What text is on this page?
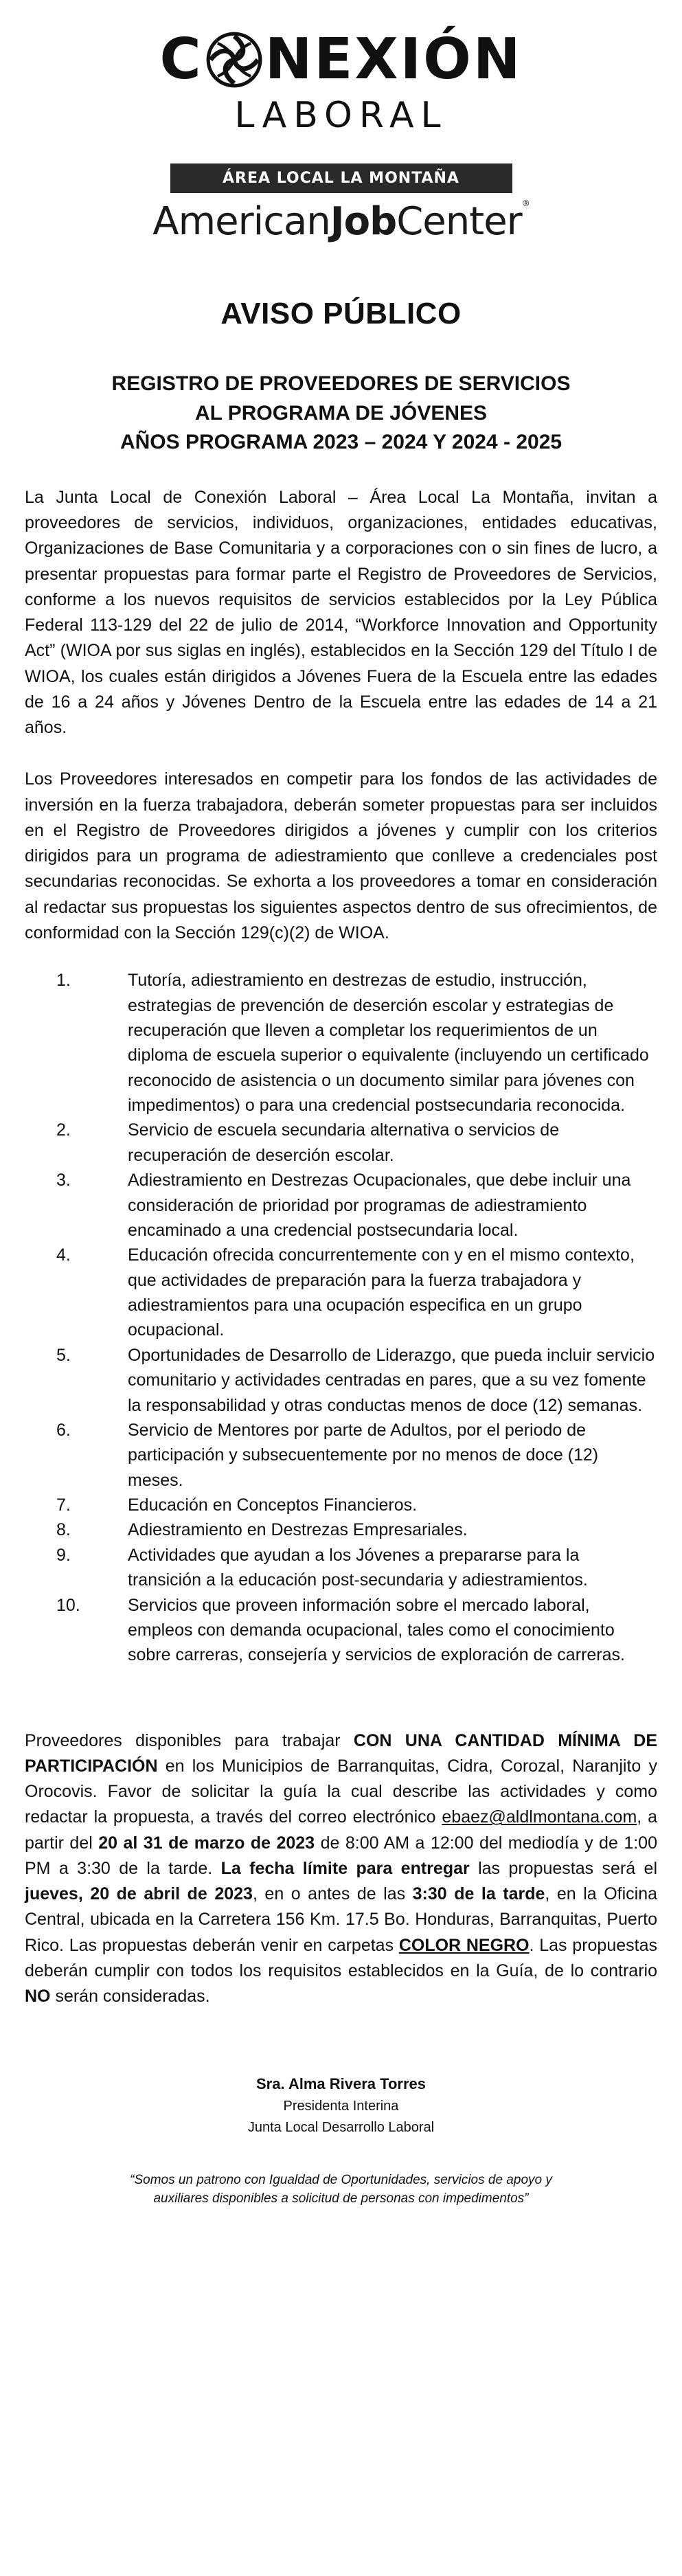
C NEXIÓN
LABORAL
ÁREA LOCAL LA MONTAÑA
AmericanJobCenter®
AVISO PÚBLICO
REGISTRO DE PROVEEDORES DE SERVICIOS
AL PROGRAMA DE JÓVENES
AÑOS PROGRAMA 2023 – 2024 Y 2024 - 2025
La Junta Local de Conexión Laboral – Área Local La Montaña, invitan a proveedores de servicios, individuos, organizaciones, entidades educativas, Organizaciones de Base Comunitaria y a corporaciones con o sin fines de lucro, a presentar propuestas para formar parte el Registro de Proveedores de Servicios, conforme a los nuevos requisitos de servicios establecidos por la Ley Pública Federal 113-129 del 22 de julio de 2014, “Workforce Innovation and Opportunity Act” (WIOA por sus siglas en inglés), establecidos en la Sección 129 del Título I de WIOA, los cuales están dirigidos a Jóvenes Fuera de la Escuela entre las edades de 16 a 24 años y Jóvenes Dentro de la Escuela entre las edades de 14 a 21 años.
Los Proveedores interesados en competir para los fondos de las actividades de inversión en la fuerza trabajadora, deberán someter propuestas para ser incluidos en el Registro de Proveedores dirigidos a jóvenes y cumplir con los criterios dirigidos para un programa de adiestramiento que conlleve a credenciales post secundarias reconocidas. Se exhorta a los proveedores a tomar en consideración al redactar sus propuestas los siguientes aspectos dentro de sus ofrecimientos, de conformidad con la Sección 129(c)(2) de WIOA.
1.	Tutoría, adiestramiento en destrezas de estudio, instrucción, estrategias de prevención de deserción escolar y estrategias de recuperación que lleven a completar los requerimientos de un diploma de escuela superior o equivalente (incluyendo un certificado reconocido de asistencia o un documento similar para jóvenes con impedimentos) o para una credencial postsecundaria reconocida.
2.	Servicio de escuela secundaria alternativa o servicios de recuperación de deserción escolar.
3.	Adiestramiento en Destrezas Ocupacionales, que debe incluir una consideración de prioridad por programas de adiestramiento encaminado a una credencial postsecundaria local.
4.	Educación ofrecida concurrentemente con y en el mismo contexto, que actividades de preparación para la fuerza trabajadora y adiestramientos para una ocupación especifica en un grupo ocupacional.
5.	Oportunidades de Desarrollo de Liderazgo, que pueda incluir servicio comunitario y actividades centradas en pares, que a su vez fomente la responsabilidad y otras conductas menos de doce (12) semanas.
6.	Servicio de Mentores por parte de Adultos, por el periodo de participación y subsecuentemente por no menos de doce (12) meses.
7.	Educación en Conceptos Financieros.
8.	Adiestramiento en Destrezas Empresariales.
9.	Actividades que ayudan a los Jóvenes a prepararse para la transición a la educación post-secundaria y adiestramientos.
10.	Servicios que proveen información sobre el mercado laboral, empleos con demanda ocupacional, tales como el conocimiento sobre carreras, consejería y servicios de exploración de carreras.
Proveedores disponibles para trabajar CON UNA CANTIDAD MÍNIMA DE PARTICIPACIÓN en los Municipios de Barranquitas, Cidra, Corozal, Naranjito y Orocovis. Favor de solicitar la guía la cual describe las actividades y como redactar la propuesta, a través del correo electrónico ebaez@aldlmontana.com, a partir del 20 al 31 de marzo de 2023 de 8:00 AM a 12:00 del mediodía y de 1:00 PM a 3:30 de la tarde. La fecha límite para entregar las propuestas será el jueves, 20 de abril de 2023, en o antes de las 3:30 de la tarde, en la Oficina Central, ubicada en la Carretera 156 Km. 17.5 Bo. Honduras, Barranquitas, Puerto Rico. Las propuestas deberán venir en carpetas COLOR NEGRO. Las propuestas deberán cumplir con todos los requisitos establecidos en la Guía, de lo contrario NO serán consideradas.
Sra. Alma Rivera Torres
Presidenta Interina
Junta Local Desarrollo Laboral
“Somos un patrono con Igualdad de Oportunidades, servicios de apoyo y
auxiliares disponibles a solicitud de personas con impedimentos”
